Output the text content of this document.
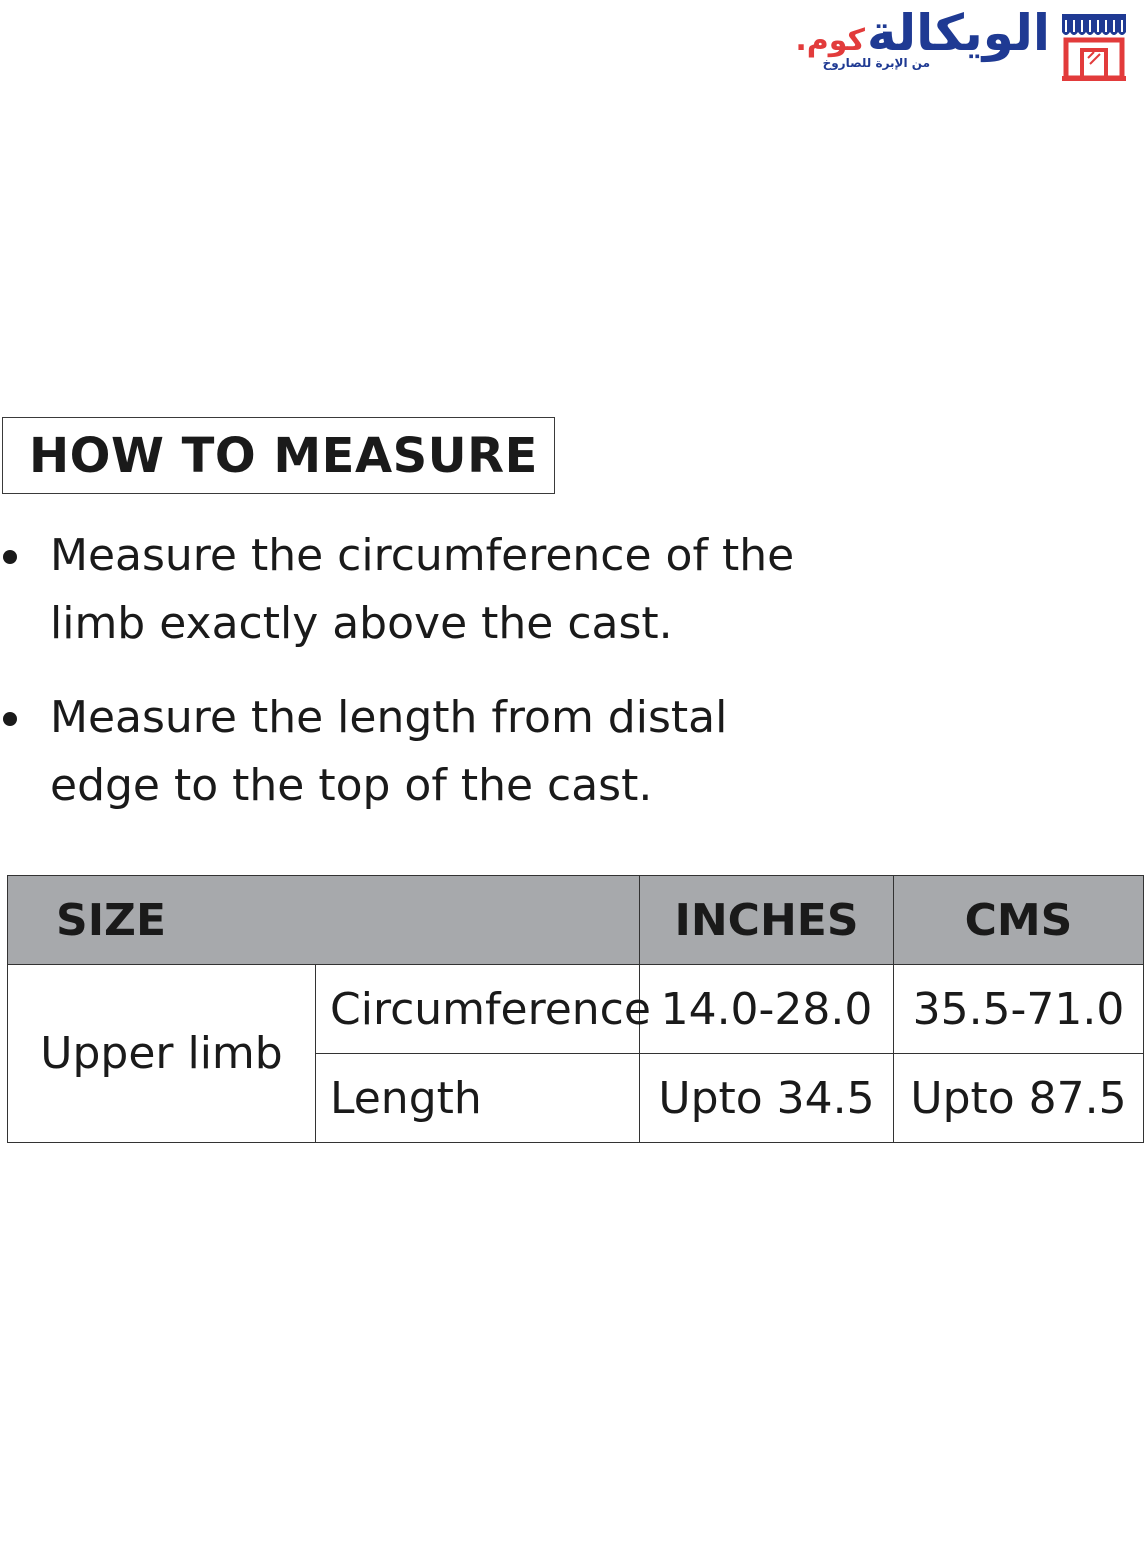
.كوم الويكالة
من الإبرة للصاروخ
HOW TO MEASURE
Measure the circumference of the limb exactly above the cast.
Measure the length from distal edge to the top of the cast.
SIZE		INCHES	CMS
Upper limb	Circumference	14.0-28.0	35.5-71.0
	Length	Upto 34.5	Upto 87.5
